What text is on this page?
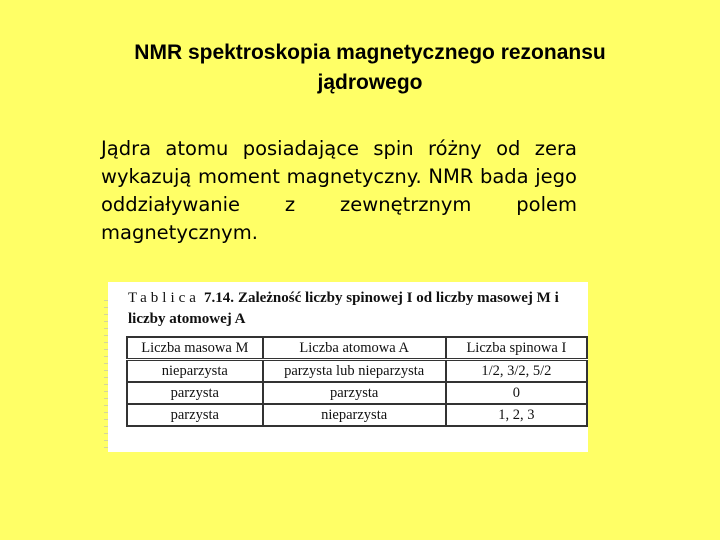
NMR spektroskopia magnetycznego rezonansu
jądrowego
Jądra atomu posiadające spin różny od zera wykazują moment magnetyczny. NMR bada jego oddziaływanie z zewnętrznym polem magnetycznym.
Tablica 7.14. Zależność liczby spinowej I od liczby masowej M i liczby atomowej A
Liczba masowa M	Liczba atomowa A	Liczba spinowa I
nieparzysta	parzysta lub nieparzysta	1/2, 3/2, 5/2
parzysta	parzysta	0
parzysta	nieparzysta	1, 2, 3
